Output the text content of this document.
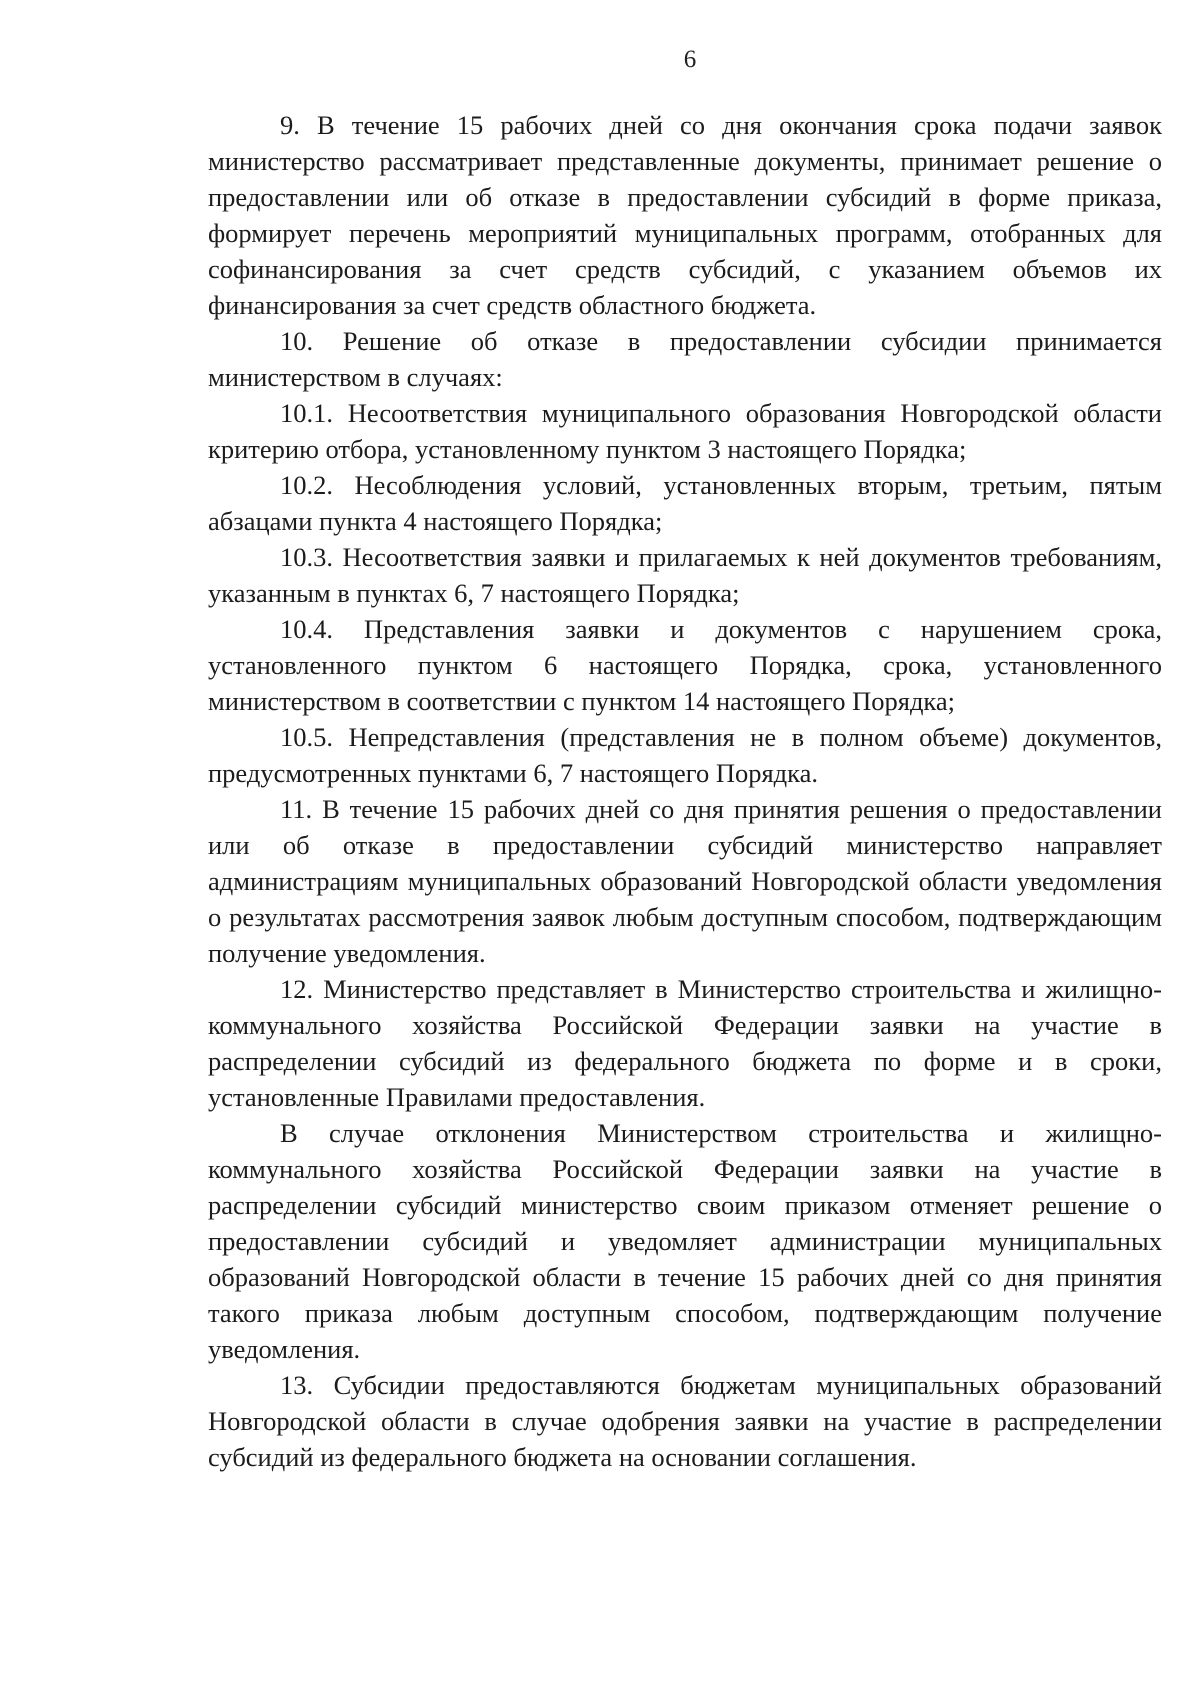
6

9. В течение 15 рабочих дней со дня окончания срока подачи заявок министерство рассматривает представленные документы, принимает решение о предоставлении или об отказе в предоставлении субсидий в форме приказа, формирует перечень мероприятий муниципальных программ, отобранных для софинансирования за счет средств субсидий, с указанием объемов их финансирования за счет средств областного бюджета.

10. Решение об отказе в предоставлении субсидии принимается министерством в случаях:

10.1. Несоответствия муниципального образования Новгородской области критерию отбора, установленному пунктом 3 настоящего Порядка;

10.2. Несоблюдения условий, установленных вторым, третьим, пятым абзацами пункта 4 настоящего Порядка;

10.3. Несоответствия заявки и прилагаемых к ней документов требованиям, указанным в пунктах 6, 7 настоящего Порядка;

10.4. Представления заявки и документов с нарушением срока, установленного пунктом 6 настоящего Порядка, срока, установленного министерством в соответствии с пунктом 14 настоящего Порядка;

10.5. Непредставления (представления не в полном объеме) документов, предусмотренных пунктами 6, 7 настоящего Порядка.

11. В течение 15 рабочих дней со дня принятия решения о предоставлении или об отказе в предоставлении субсидий министерство направляет администрациям муниципальных образований Новгородской области уведомления о результатах рассмотрения заявок любым доступным способом, подтверждающим получение уведомления.

12. Министерство представляет в Министерство строительства и жилищно-коммунального хозяйства Российской Федерации заявки на участие в распределении субсидий из федерального бюджета по форме и в сроки, установленные Правилами предоставления.

В случае отклонения Министерством строительства и жилищно-коммунального хозяйства Российской Федерации заявки на участие в распределении субсидий министерство своим приказом отменяет решение о предоставлении субсидий и уведомляет администрации муниципальных образований Новгородской области в течение 15 рабочих дней со дня принятия такого приказа любым доступным способом, подтверждающим получение уведомления.

13. Субсидии предоставляются бюджетам муниципальных образований Новгородской области в случае одобрения заявки на участие в распределении субсидий из федерального бюджета на основании соглашения.
